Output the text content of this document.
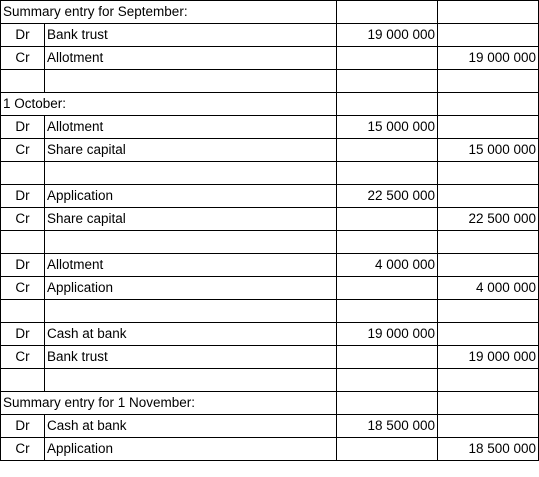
Summary entry for September:			
Dr	Bank trust	19 000 000	
Cr	Allotment		19 000 000

1 October:			
Dr	Allotment	15 000 000	
Cr	Share capital		15 000 000

Dr	Application	22 500 000	
Cr	Share capital		22 500 000

Dr	Allotment	4 000 000	
Cr	Application		4 000 000

Dr	Cash at bank	19 000 000	
Cr	Bank trust		19 000 000

Summary entry for 1 November:			
Dr	Cash at bank	18 500 000	
Cr	Application		18 500 000
